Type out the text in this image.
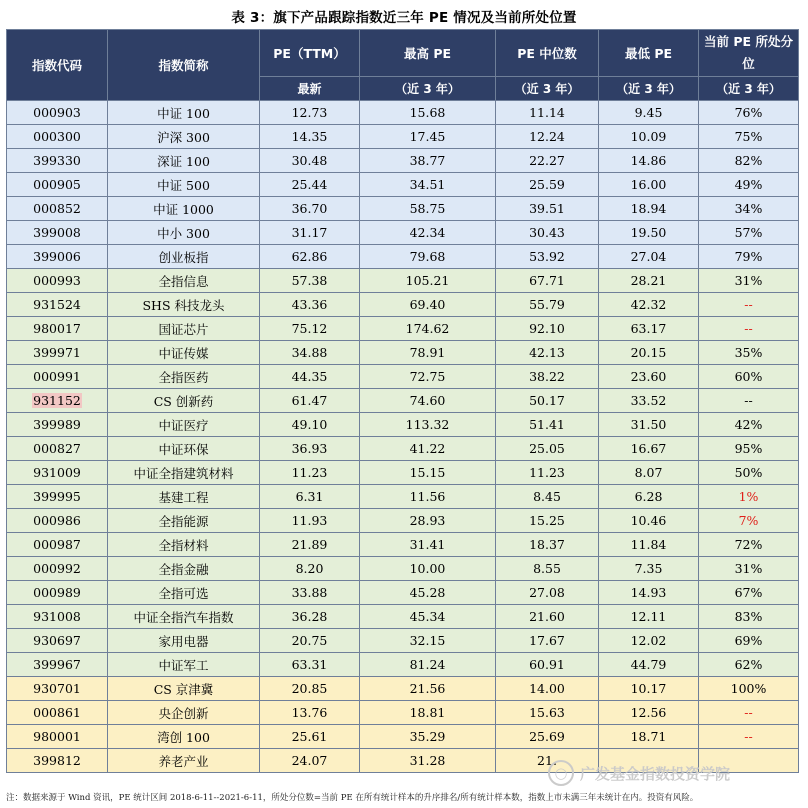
表 3：旗下产品跟踪指数近三年 PE 情况及当前所处位置
指数代码	指数简称	PE（TTM）	最高 PE	PE 中位数	最低 PE	当前 PE 所处分位
		最新	（近 3 年）	（近 3 年）	（近 3 年）	（近 3 年）
000903	中证 100	12.73	15.68	11.14	9.45	76%
000300	沪深 300	14.35	17.45	12.24	10.09	75%
399330	深证 100	30.48	38.77	22.27	14.86	82%
000905	中证 500	25.44	34.51	25.59	16.00	49%
000852	中证 1000	36.70	58.75	39.51	18.94	34%
399008	中小 300	31.17	42.34	30.43	19.50	57%
399006	创业板指	62.86	79.68	53.92	27.04	79%
000993	全指信息	57.38	105.21	67.71	28.21	31%
931524	SHS 科技龙头	43.36	69.40	55.79	42.32	--
980017	国证芯片	75.12	174.62	92.10	63.17	--
399971	中证传媒	34.88	78.91	42.13	20.15	35%
000991	全指医药	44.35	72.75	38.22	23.60	60%
931152	CS 创新药	61.47	74.60	50.17	33.52	--
399989	中证医疗	49.10	113.32	51.41	31.50	42%
000827	中证环保	36.93	41.22	25.05	16.67	95%
931009	中证全指建筑材料	11.23	15.15	11.23	8.07	50%
399995	基建工程	6.31	11.56	8.45	6.28	1%
000986	全指能源	11.93	28.93	15.25	10.46	7%
000987	全指材料	21.89	31.41	18.37	11.84	72%
000992	全指金融	8.20	10.00	8.55	7.35	31%
000989	全指可选	33.88	45.28	27.08	14.93	67%
931008	中证全指汽车指数	36.28	45.34	21.60	12.11	83%
930697	家用电器	20.75	32.15	17.67	12.02	69%
399967	中证军工	63.31	81.24	60.91	44.79	62%
930701	CS 京津冀	20.85	21.56	14.00	10.17	100%
000861	央企创新	13.76	18.81	15.63	12.56	--
980001	湾创 100	25.61	35.29	25.69	18.71	--
399812	养老产业	24.07	31.28	21.		
注：数据来源于 Wind 资讯，PE 统计区间 2018-6-11--2021-6-11，所处分位数=当前 PE 在所有统计样本的升序排名/所有统计样本数，指数上市未满三年未统计在内。投资有风险。
◯ 广发基金指数投资学院
